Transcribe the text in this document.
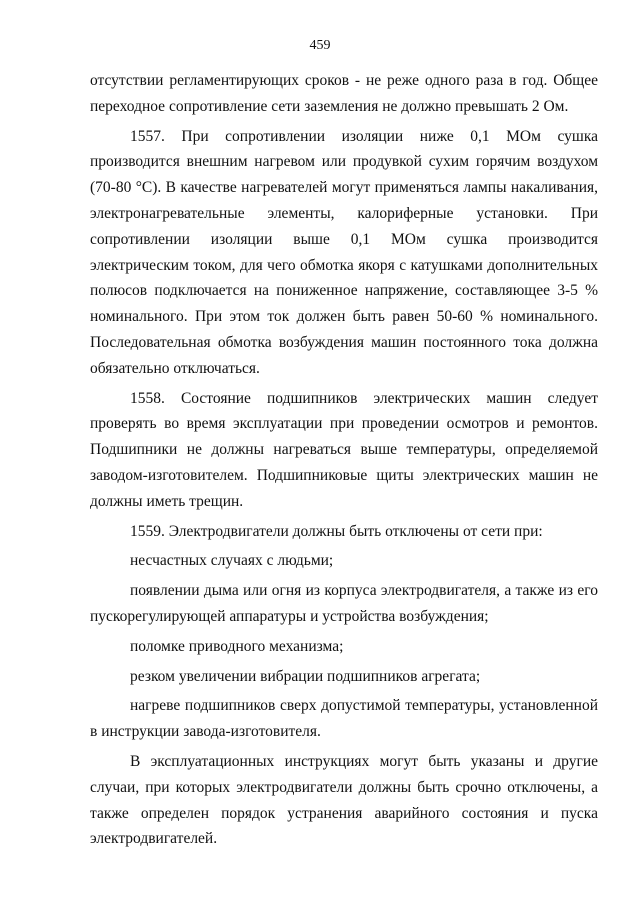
459

отсутствии регламентирующих сроков - не реже одного раза в год. Общее переходное сопротивление сети заземления не должно превышать 2 Ом.

1557. При сопротивлении изоляции ниже 0,1 МОм сушка производится внешним нагревом или продувкой сухим горячим воздухом (70-80 °С). В качестве нагревателей могут применяться лампы накаливания, электронагревательные элементы, калориферные установки. При сопротивлении изоляции выше 0,1 МОм сушка производится электрическим током, для чего обмотка якоря с катушками дополнительных полюсов подключается на пониженное напряжение, составляющее 3-5 % номинального. При этом ток должен быть равен 50-60 % номинального. Последовательная обмотка возбуждения машин постоянного тока должна обязательно отключаться.

1558. Состояние подшипников электрических машин следует проверять во время эксплуатации при проведении осмотров и ремонтов. Подшипники не должны нагреваться выше температуры, определяемой заводом-изготовителем. Подшипниковые щиты электрических машин не должны иметь трещин.

1559. Электродвигатели должны быть отключены от сети при:

несчастных случаях с людьми;

появлении дыма или огня из корпуса электродвигателя, а также из его пускорегулирующей аппаратуры и устройства возбуждения;

поломке приводного механизма;

резком увеличении вибрации подшипников агрегата;

нагреве подшипников сверх допустимой температуры, установленной в инструкции завода-изготовителя.

В эксплуатационных инструкциях могут быть указаны и другие случаи, при которых электродвигатели должны быть срочно отключены, а также определен порядок устранения аварийного состояния и пуска электродвигателей.
